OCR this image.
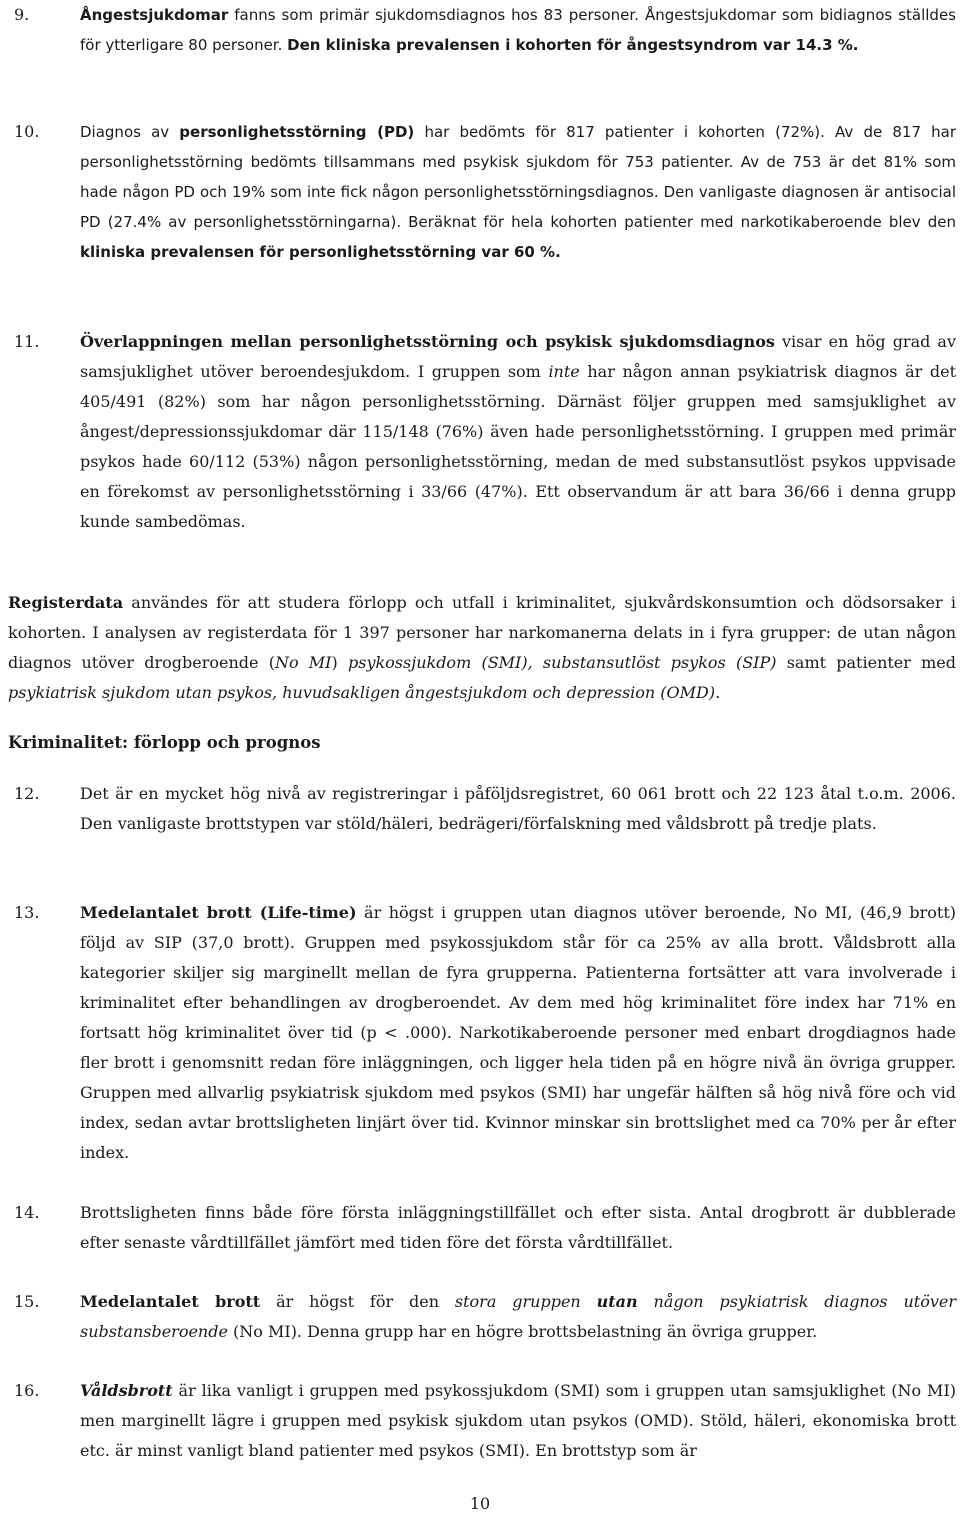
9.	Ångestsjukdomar fanns som primär sjukdomsdiagnos hos 83 personer. Ångestsjukdomar som bidiagnos ställdes för ytterligare 80 personer. Den kliniska prevalensen i kohorten för ångestsyndrom var 14.3 %.

10.	Diagnos av personlighetsstörning (PD) har bedömts för 817 patienter i kohorten (72%). Av de 817 har personlighetsstörning bedömts tillsammans med psykisk sjukdom för 753 patienter. Av de 753 är det 81% som hade någon PD och 19% som inte fick någon personlighetsstörningsdiagnos. Den vanligaste diagnosen är antisocial PD (27.4% av personlighetsstörningarna). Beräknat för hela kohorten patienter med narkotikaberoende blev den kliniska prevalensen för personlighetsstörning var 60 %.

11.	Överlappningen mellan personlighetsstörning och psykisk sjukdomsdiagnos visar en hög grad av samsjuklighet utöver beroendesjukdom. I gruppen som inte har någon annan psykiatrisk diagnos är det 405/491 (82%) som har någon personlighetsstörning. Därnäst följer gruppen med samsjuklighet av ångest/depressionssjukdomar där 115/148 (76%) även hade personlighetsstörning. I gruppen med primär psykos hade 60/112 (53%) någon personlighetsstörning, medan de med substansutlöst psykos uppvisade en förekomst av personlighetsstörning i 33/66 (47%). Ett observandum är att bara 36/66 i denna grupp kunde sambedömas.

Registerdata användes för att studera förlopp och utfall i kriminalitet, sjukvårdskonsumtion och dödsorsaker i kohorten. I analysen av registerdata för 1 397 personer har narkomanerna delats in i fyra grupper: de utan någon diagnos utöver drogberoende (No MI) psykossjukdom (SMI), substansutlöst psykos (SIP) samt patienter med psykiatrisk sjukdom utan psykos, huvudsakligen ångestsjukdom och depression (OMD).

Kriminalitet: förlopp och prognos
12.	Det är en mycket hög nivå av registreringar i påföljdsregistret, 60 061 brott och 22 123 åtal t.o.m. 2006. Den vanligaste brottstypen var stöld/häleri, bedrägeri/förfalskning med våldsbrott på tredje plats.

13.	Medelantalet brott (Life-time) är högst i gruppen utan diagnos utöver beroende, No MI, (46,9 brott) följd av SIP (37,0 brott). Gruppen med psykossjukdom står för ca 25% av alla brott. Våldsbrott alla kategorier skiljer sig marginellt mellan de fyra grupperna. Patienterna fortsätter att vara involverade i kriminalitet efter behandlingen av drogberoendet. Av dem med hög kriminalitet före index har 71% en fortsatt hög kriminalitet över tid (p < .000). Narkotikaberoende personer med enbart drogdiagnos hade fler brott i genomsnitt redan före inläggningen, och ligger hela tiden på en högre nivå än övriga grupper. Gruppen med allvarlig psykiatrisk sjukdom med psykos (SMI) har ungefär hälften så hög nivå före och vid index, sedan avtar brottsligheten linjärt över tid. Kvinnor minskar sin brottslighet med ca 70% per år efter index.

14.	Brottsligheten finns både före första inläggningstillfället och efter sista. Antal drogbrott är dubblerade efter senaste vårdtillfället jämfört med tiden före det första vårdtillfället.

15.	Medelantalet brott är högst för den stora gruppen utan någon psykiatrisk diagnos utöver substansberoende (No MI). Denna grupp har en högre brottsbelastning än övriga grupper.

16.	Våldsbrott är lika vanligt i gruppen med psykossjukdom (SMI) som i gruppen utan samsjuklighet (No MI) men marginellt lägre i gruppen med psykisk sjukdom utan psykos (OMD). Stöld, häleri, ekonomiska brott etc. är minst vanligt bland patienter med psykos (SMI). En brottstyp som är

10
